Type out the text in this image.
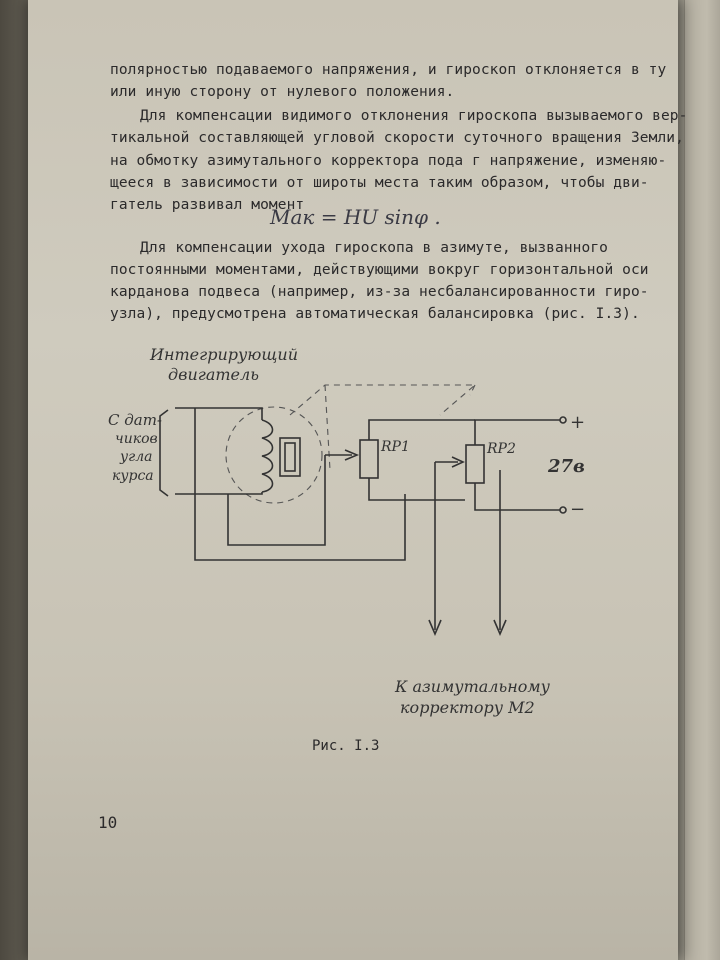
полярностью подаваемого напряжения, и гироскоп отклоняется в ту
или иную сторону от нулевого положения.
Для компенсации видимого отклонения гироскопа вызываемого вер-
тикальной составляющей угловой скорости суточного вращения Земли,
на обмотку азимутального корректора пода г напряжение, изменяю-
щееся в зависимости от широты места таким образом, чтобы дви-
гатель развивал момент
Mак = HU sinφ .
Для компенсации ухода гироскопа в азимуте, вызванного
постоянными моментами, действующими вокруг горизонтальной оси
карданова подвеса (например, из-за несбалансированности гиро-
узла), предусмотрена автоматическая балансировка (рис. I.3).
Интегрирующий
двигатель
С дат-
чиков
угла
курса
RP1	RP2
27в
+
−
К азимутальному
корректору М2
Рис. I.3
10
